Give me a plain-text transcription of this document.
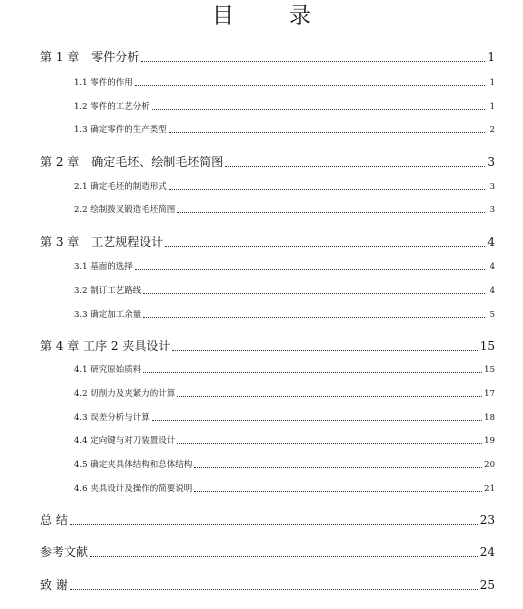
目 录
第 1 章　零件分析	1
1.1 零件的作用	1
1.2 零件的工艺分析	1
1.3 确定零件的生产类型	2
第 2 章　确定毛坯、绘制毛坯简图	3
2.1 确定毛坯的制造形式	3
2.2 绘制拨叉锻造毛坯简图	3
第 3 章　工艺规程设计	4
3.1 基面的选择	4
3.2 制订工艺路线	4
3.3 确定加工余量	5
第 4 章 工序 2 夹具设计	15
4.1 研究原始质料	15
4.2 切削力及夹紧力的计算	17
4.3 误差分析与计算	18
4.4 定向键与对刀装置设计	19
4.5 确定夹具体结构和总体结构	20
4.6 夹具设计及操作的简要说明	21
总 结	23
参考文献	24
致 谢	25
